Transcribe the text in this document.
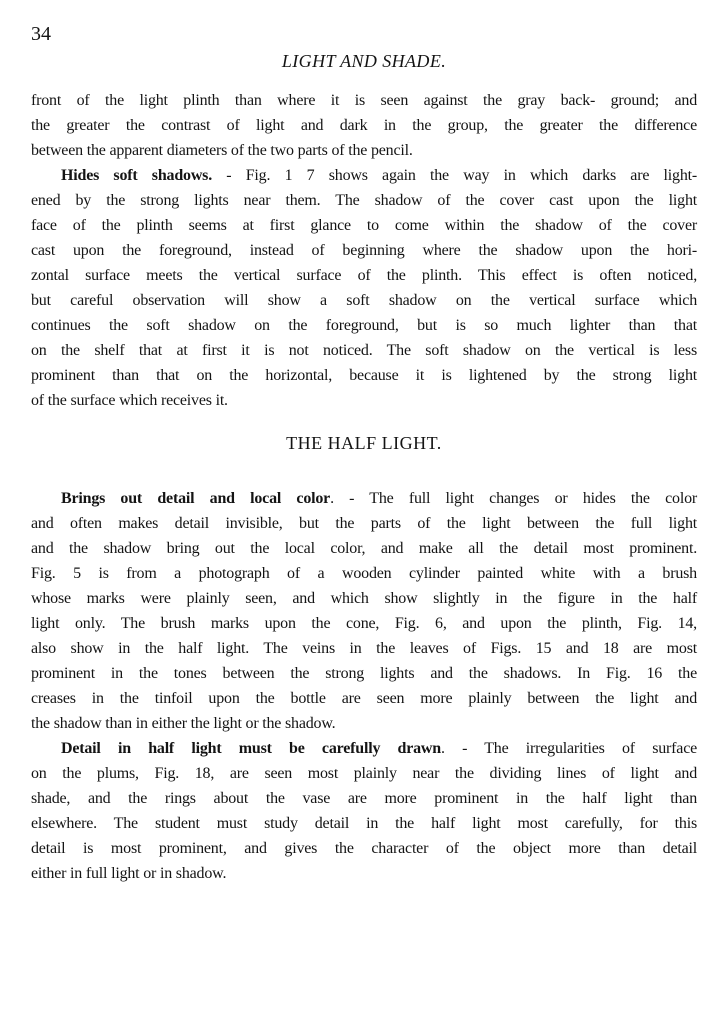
34
LIGHT AND SHADE.
front of the light plinth than where it is seen against the gray back- ground; and
the greater the contrast of light and dark in the group, the greater the difference
between the apparent diameters of the two parts of the pencil.
Hides soft shadows. - Fig. 1 7 shows again the way in which darks are light-
ened by the strong lights near them. The shadow of the cover cast upon the light
face of the plinth seems at first glance to come within the shadow of the cover
cast upon the foreground, instead of beginning where the shadow upon the hori-
zontal surface meets the vertical surface of the plinth. This effect is often noticed,
but careful observation will show a soft shadow on the vertical surface which
continues the soft shadow on the foreground, but is so much lighter than that
on the shelf that at first it is not noticed. The soft shadow on the vertical is less
prominent than that on the horizontal, because it is lightened by the strong light
of the surface which receives it.
THE HALF LIGHT.
Brings out detail and local color. - The full light changes or hides the color
and often makes detail invisible, but the parts of the light between the full light
and the shadow bring out the local color, and make all the detail most prominent.
Fig. 5 is from a photograph of a wooden cylinder painted white with a brush
whose marks were plainly seen, and which show slightly in the figure in the half
light only. The brush marks upon the cone, Fig. 6, and upon the plinth, Fig. 14,
also show in the half light. The veins in the leaves of Figs. 15 and 18 are most
prominent in the tones between the strong lights and the shadows. In Fig. 16 the
creases in the tinfoil upon the bottle are seen more plainly between the light and
the shadow than in either the light or the shadow.
Detail in half light must be carefully drawn. - The irregularities of surface
on the plums, Fig. 18, are seen most plainly near the dividing lines of light and
shade, and the rings about the vase are more prominent in the half light than
elsewhere. The student must study detail in the half light most carefully, for this
detail is most prominent, and gives the character of the object more than detail
either in full light or in shadow.
